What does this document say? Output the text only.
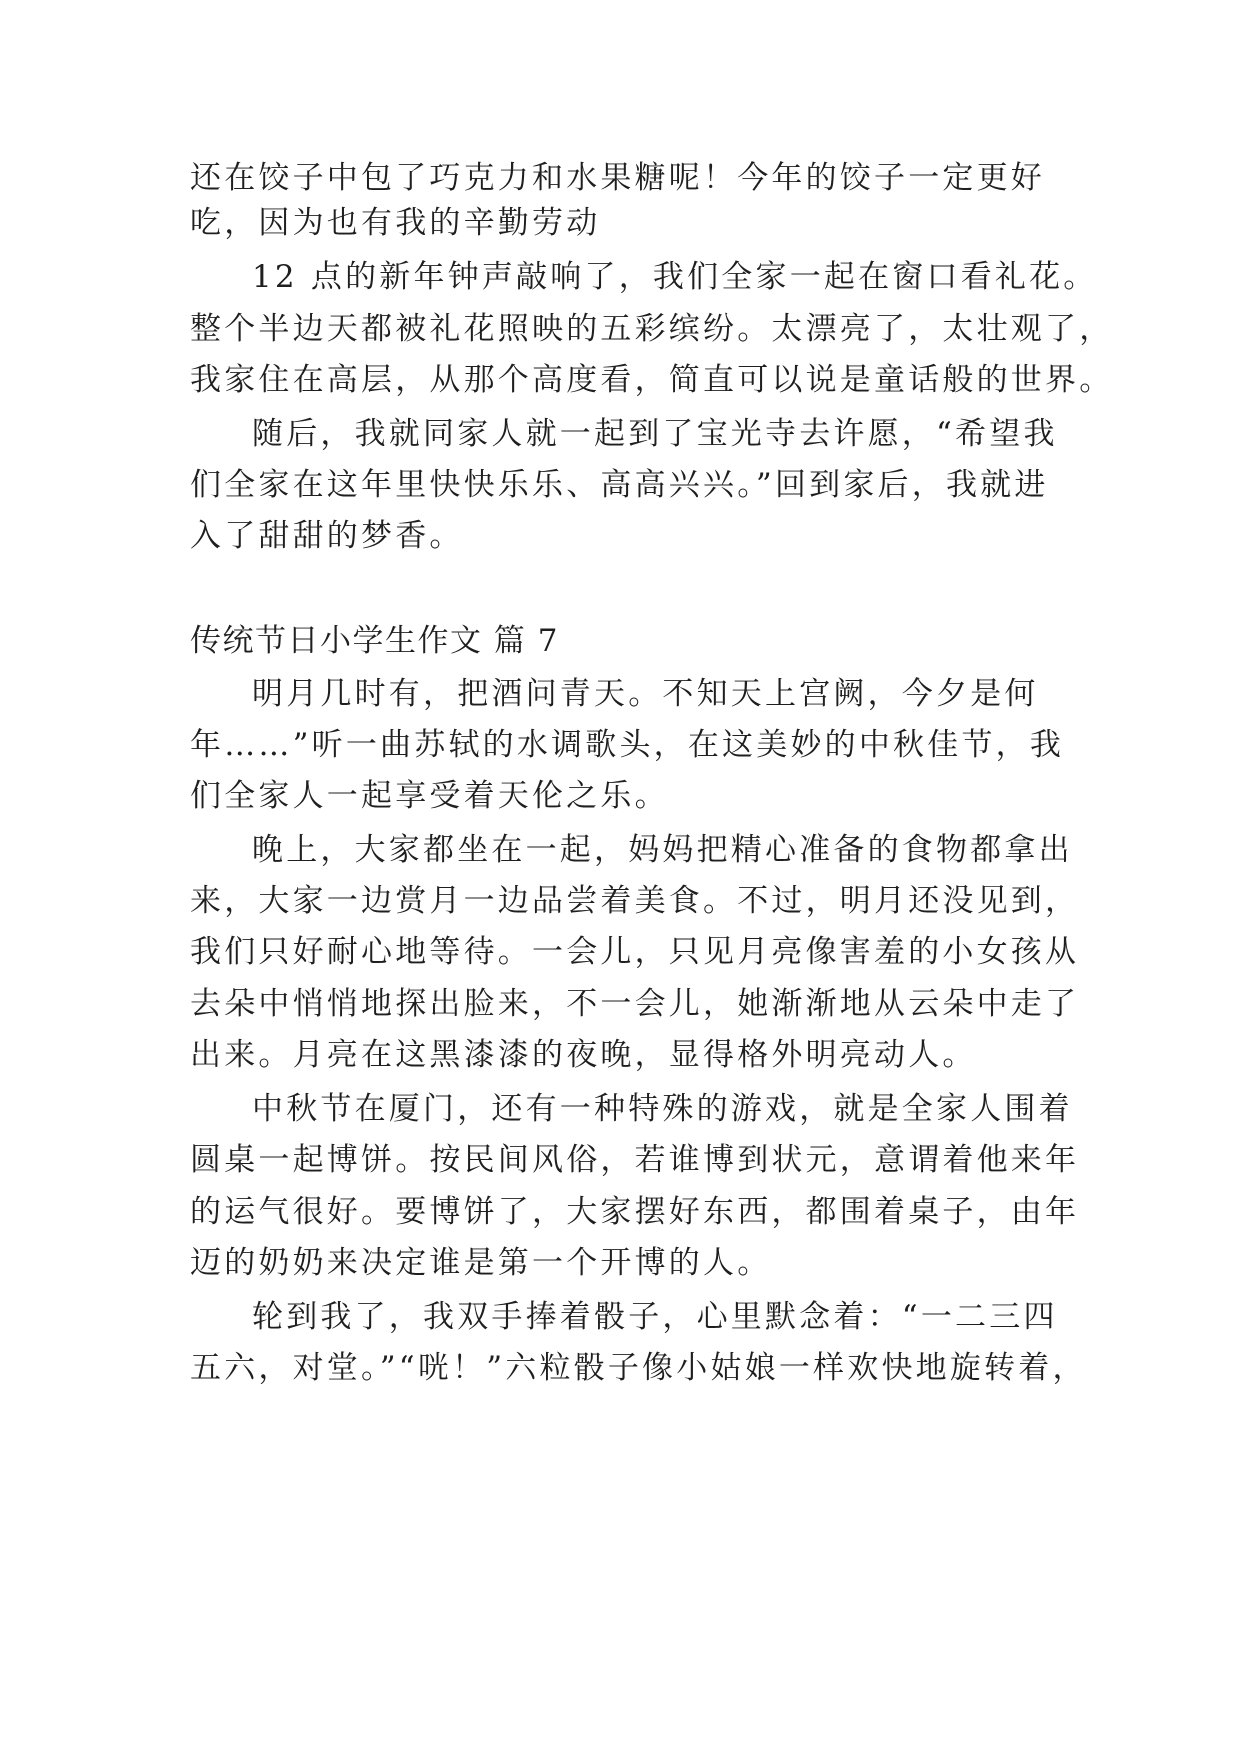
还在饺子中包了巧克力和水果糖呢！今年的饺子一定更好
吃，因为也有我的辛勤劳动
12 点的新年钟声敲响了，我们全家一起在窗口看礼花。
整个半边天都被礼花照映的五彩缤纷。太漂亮了，太壮观了，
我家住在高层，从那个高度看，简直可以说是童话般的世界。
随后，我就同家人就一起到了宝光寺去许愿，“希望我
们全家在这年里快快乐乐、高高兴兴。”回到家后，我就进
入了甜甜的梦香。
传统节日小学生作文 篇 7
明月几时有，把酒问青天。不知天上宫阙，今夕是何
年……”听一曲苏轼的水调歌头，在这美妙的中秋佳节，我
们全家人一起享受着天伦之乐。
晚上，大家都坐在一起，妈妈把精心准备的食物都拿出
来，大家一边赏月一边品尝着美食。不过，明月还没见到，
我们只好耐心地等待。一会儿，只见月亮像害羞的小女孩从
去朵中悄悄地探出脸来，不一会儿，她渐渐地从云朵中走了
出来。月亮在这黑漆漆的夜晚，显得格外明亮动人。
中秋节在厦门，还有一种特殊的游戏，就是全家人围着
圆桌一起博饼。按民间风俗，若谁博到状元，意谓着他来年
的运气很好。要博饼了，大家摆好东西，都围着桌子，由年
迈的奶奶来决定谁是第一个开博的人。
轮到我了，我双手捧着骰子，心里默念着：“一二三四
五六，对堂。”“咣！”六粒骰子像小姑娘一样欢快地旋转着，
